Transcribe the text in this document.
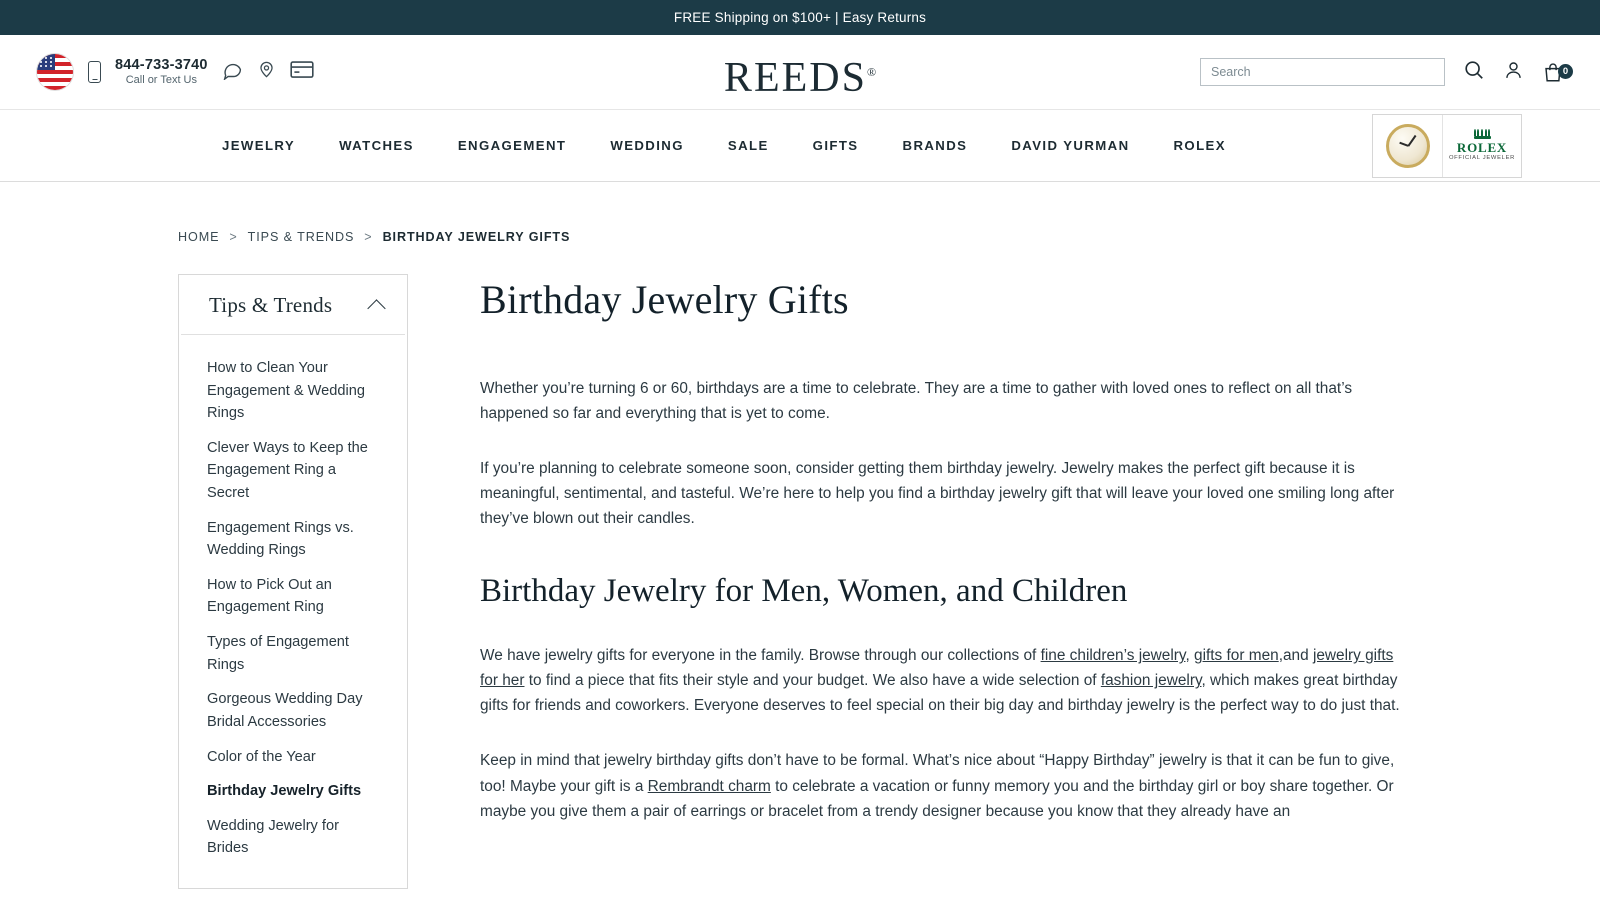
FREE Shipping on $100+ | Easy Returns
844-733-3740
Call or Text Us	REEDS®
Search	0
JEWELRY	WATCHES	ENGAGEMENT	WEDDING	SALE	GIFTS	BRANDS	DAVID YURMAN	ROLEX	ROLEX
OFFICIAL JEWELER
HOME > TIPS & TRENDS > BIRTHDAY JEWELRY GIFTS
Tips & Trends
How to Clean Your Engagement & Wedding Rings
Clever Ways to Keep the Engagement Ring a Secret
Engagement Rings vs. Wedding Rings
How to Pick Out an Engagement Ring
Types of Engagement Rings
Gorgeous Wedding Day Bridal Accessories
Color of the Year
Birthday Jewelry Gifts
Wedding Jewelry for Brides
Birthday Jewelry Gifts

Whether you’re turning 6 or 60, birthdays are a time to celebrate. They are a time to gather with loved ones to reflect on all that’s happened so far and everything that is yet to come.

If you’re planning to celebrate someone soon, consider getting them birthday jewelry. Jewelry makes the perfect gift because it is meaningful, sentimental, and tasteful. We’re here to help you find a birthday jewelry gift that will leave your loved one smiling long after they’ve blown out their candles.

Birthday Jewelry for Men, Women, and Children

We have jewelry gifts for everyone in the family. Browse through our collections of fine children’s jewelry, gifts for men,and jewelry gifts for her to find a piece that fits their style and your budget. We also have a wide selection of fashion jewelry, which makes great birthday gifts for friends and coworkers. Everyone deserves to feel special on their big day and birthday jewelry is the perfect way to do just that.

Keep in mind that jewelry birthday gifts don’t have to be formal. What’s nice about “Happy Birthday” jewelry is that it can be fun to give, too! Maybe your gift is a Rembrandt charm to celebrate a vacation or funny memory you and the birthday girl or boy share together. Or maybe you give them a pair of earrings or bracelet from a trendy designer because you know that they already have an
